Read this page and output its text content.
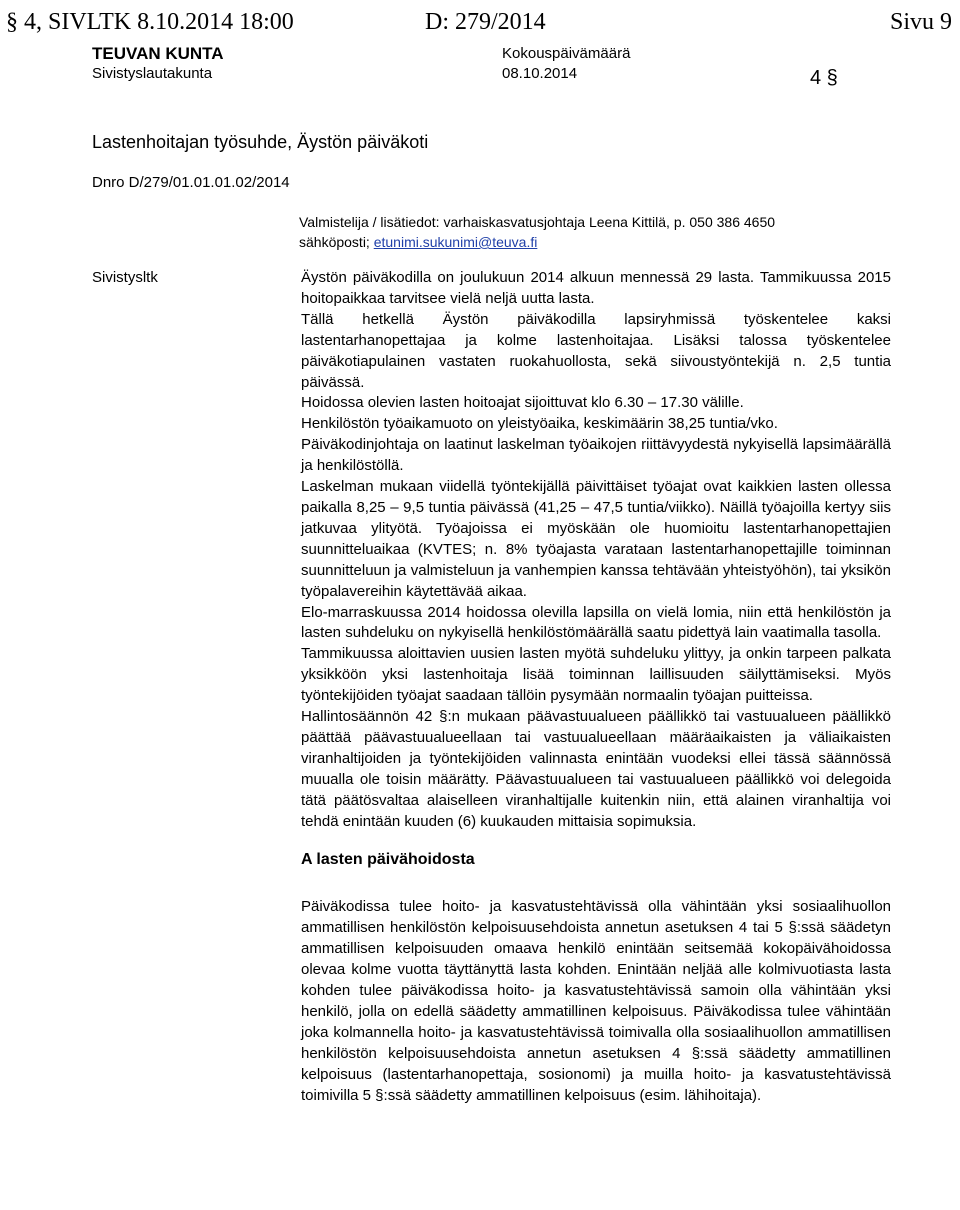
§ 4, SIVLTK 8.10.2014 18:00	D: 279/2014	Sivu 9
TEUVAN KUNTA
Sivistyslautakunta
Kokouspäivämäärä
08.10.2014	4 §
Lastenhoitajan työsuhde, Äystön päiväkoti
Dnro D/279/01.01.01.02/2014
Valmistelija / lisätiedot: varhaiskasvatusjohtaja Leena Kittilä, p. 050 386 4650
sähköposti; etunimi.sukunimi@teuva.fi
Sivistysltk	Äystön päiväkodilla on joulukuun 2014 alkuun mennessä 29 lasta. Tammikuussa 2015 hoitopaikkaa tarvitsee vielä neljä uutta lasta.

Tällä hetkellä Äystön päiväkodilla lapsiryhmissä työskentelee kaksi lastentarhanopettajaa ja kolme lastenhoitajaa. Lisäksi talossa työskentelee päiväkotiapulainen vastaten ruokahuollosta, sekä siivoustyöntekijä n. 2,5 tuntia päivässä.

Hoidossa olevien lasten hoitoajat sijoittuvat klo 6.30 – 17.30 välille.

Henkilöstön työaikamuoto on yleistyöaika, keskimäärin 38,25 tuntia/vko.

Päiväkodinjohtaja on laatinut laskelman työaikojen riittävyydestä nykyisellä lapsimäärällä ja henkilöstöllä.

Laskelman mukaan viidellä työntekijällä päivittäiset työajat ovat kaikkien lasten ollessa paikalla 8,25 – 9,5 tuntia päivässä (41,25 – 47,5 tuntia/viikko). Näillä työajoilla kertyy siis jatkuvaa ylityötä. Työajoissa ei myöskään ole huomioitu lastentarhanopettajien suunnitteluaikaa (KVTES; n. 8% työajasta varataan lastentarhanopettajille toiminnan suunnitteluun ja valmisteluun ja vanhempien kanssa tehtävään yhteistyöhön), tai yksikön työpalavereihin käytettävää aikaa.

Elo-marraskuussa 2014 hoidossa olevilla lapsilla on vielä lomia, niin että henkilöstön ja lasten suhdeluku on nykyisellä henkilöstömäärällä saatu pidettyä lain vaatimalla tasolla.

Tammikuussa aloittavien uusien lasten myötä suhdeluku ylittyy, ja onkin tarpeen palkata yksikköön yksi lastenhoitaja lisää toiminnan laillisuuden säilyttämiseksi. Myös työntekijöiden työajat saadaan tällöin pysymään normaalin työajan puitteissa.

Hallintosäännön 42 §:n mukaan päävastuualueen päällikkö tai vastuualueen päällikkö päättää päävastuualueellaan tai vastuualueellaan määräaikaisten ja väliaikaisten viranhaltijoiden ja työntekijöiden valinnasta enintään vuodeksi ellei tässä säännössä muualla ole toisin määrätty. Päävastuualueen tai vastuualueen päällikkö voi delegoida tätä päätösvaltaa alaiselleen viranhaltijalle kuitenkin niin, että alainen viranhaltija voi tehdä enintään kuuden (6) kuukauden mittaisia sopimuksia.

A lasten päivähoidosta

Päiväkodissa tulee hoito- ja kasvatustehtävissä olla vähintään yksi sosiaalihuollon ammatillisen henkilöstön kelpoisuusehdoista annetun asetuksen 4 tai 5 §:ssä säädetyn ammatillisen kelpoisuuden omaava henkilö enintään seitsemää kokopäivähoidossa olevaa kolme vuotta täyttänyttä lasta kohden. Enintään neljää alle kolmivuotiasta lasta kohden tulee päiväkodissa hoito- ja kasvatustehtävissä samoin olla vähintään yksi henkilö, jolla on edellä säädetty ammatillinen kelpoisuus. Päiväkodissa tulee vähintään joka kolmannella hoito- ja kasvatustehtävissä toimivalla olla sosiaalihuollon ammatillisen henkilöstön kelpoisuusehdoista annetun asetuksen 4 §:ssä säädetty ammatillinen kelpoisuus (lastentarhanopettaja, sosionomi) ja muilla hoito- ja kasvatustehtävissä toimivilla 5 §:ssä säädetty ammatillinen kelpoisuus (esim. lähihoitaja).
